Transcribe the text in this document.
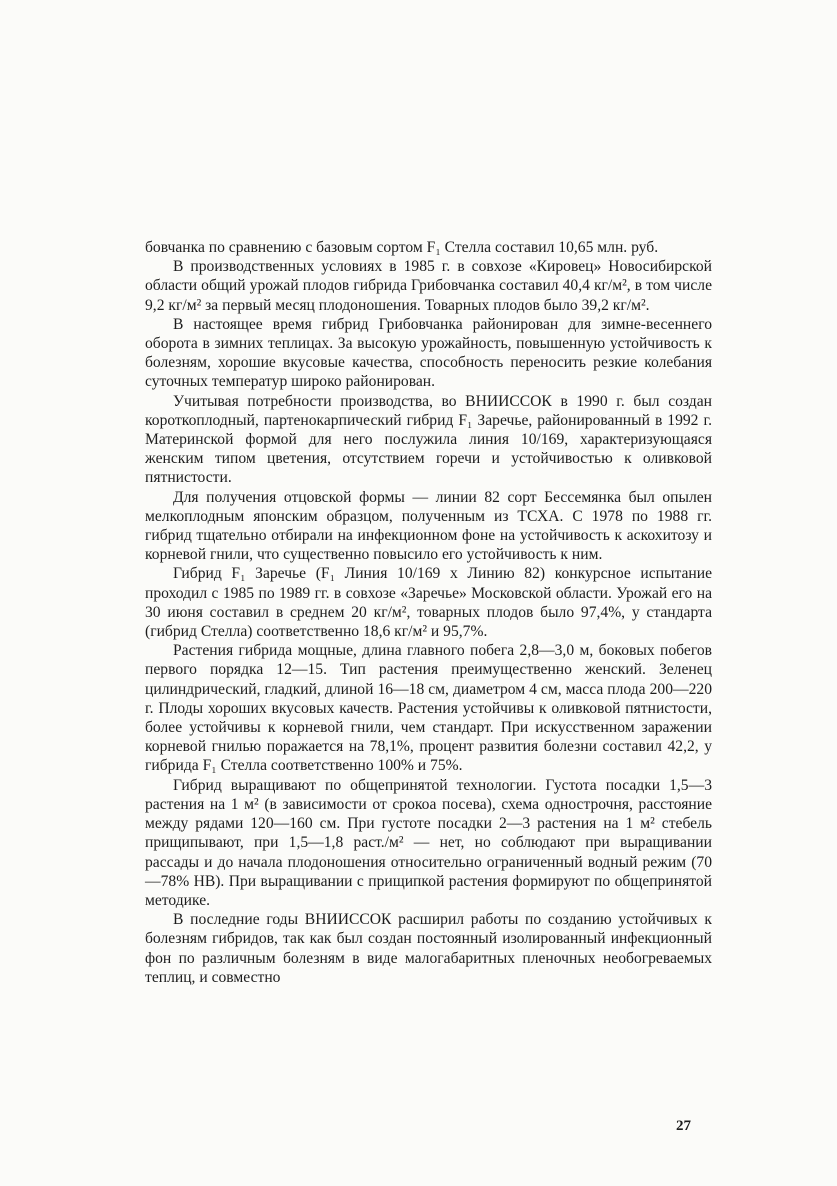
бовчанка по сравнению с базовым сортом F₁ Стелла составил 10,65 млн. руб.

В производственных условиях в 1985 г. в совхозе «Кировец» Новосибирской области общий урожай плодов гибрида Грибовчанка составил 40,4 кг/м², в том числе 9,2 кг/м² за первый месяц плодоношения. Товарных плодов было 39,2 кг/м².

В настоящее время гибрид Грибовчанка районирован для зимне-весеннего оборота в зимних теплицах. За высокую урожайность, повышенную устойчивость к болезням, хорошие вкусовые качества, способность переносить резкие колебания суточных температур широко районирован.

Учитывая потребности производства, во ВНИИССОК в 1990 г. был создан короткоплодный, партенокарпический гибрид F₁ Заречье, районированный в 1992 г. Материнской формой для него послужила линия 10/169, характеризующаяся женским типом цветения, отсутствием горечи и устойчивостью к оливковой пятнистости.

Для получения отцовской формы — линии 82 сорт Бессемянка был опылен мелкоплодным японским образцом, полученным из ТСХА. С 1978 по 1988 гг. гибрид тщательно отбирали на инфекционном фоне на устойчивость к аскохитозу и корневой гнили, что существенно повысило его устойчивость к ним.

Гибрид F₁ Заречье (F₁ Линия 10/169 х Линию 82) конкурсное испытание проходил с 1985 по 1989 гг. в совхозе «Заречье» Московской области. Урожай его на 30 июня составил в среднем 20 кг/м², товарных плодов было 97,4%, у стандарта (гибрид Стелла) соответственно 18,6 кг/м² и 95,7%.

Растения гибрида мощные, длина главного побега 2,8—3,0 м, боковых побегов первого порядка 12—15. Тип растения преимущественно женский. Зеленец цилиндрический, гладкий, длиной 16—18 см, диаметром 4 см, масса плода 200—220 г. Плоды хороших вкусовых качеств. Растения устойчивы к оливковой пятнистости, более устойчивы к корневой гнили, чем стандарт. При искусственном заражении корневой гнилью поражается на 78,1%, процент развития болезни составил 42,2, у гибрида F₁ Стелла соответственно 100% и 75%.

Гибрид выращивают по общепринятой технологии. Густота посадки 1,5—3 растения на 1 м² (в зависимости от срокоа посева), схема однострочня, расстояние между рядами 120—160 см. При густоте посадки 2—3 растения на 1 м² стебель прищипывают, при 1,5—1,8 раст./м² — нет, но соблюдают при выращивании рассады и до начала плодоношения относительно ограниченный водный режим (70—78% НВ). При выращивании с прищипкой растения формируют по общепринятой методике.

В последние годы ВНИИССОК расширил работы по созданию устойчивых к болезням гибридов, так как был создан постоянный изолированный инфекционный фон по различным болезням в виде малогабаритных пленочных необогреваемых теплиц, и совместно

27
